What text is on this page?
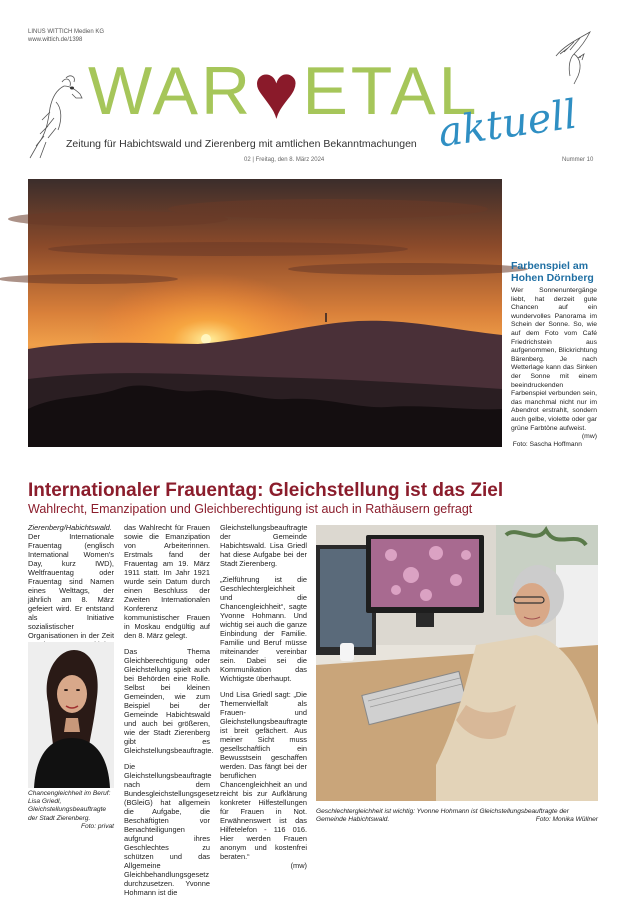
LINUS WITTICH Medien KG
www.wittich.de/1398
WAR♥ETAL
aktuell
Zeitung für Habichtswald und Zierenberg mit amtlichen Bekanntmachungen
02 | Freitag, den 8. März 2024	Nummer 10
Farbenspiel am
Hohen Dörnberg
Wer Sonnenuntergänge liebt, hat derzeit gute Chancen auf ein wundervolles Panorama im Schein der Sonne. So, wie auf dem Foto vom Café Friedrichstein aus aufgenommen, Blickrichtung Bärenberg. Je nach Wetterlage kann das Sinken der Sonne mit einem beeindruckenden Farbenspiel verbunden sein, das manchmal nicht nur im Abendrot erstrahlt, sondern auch gelbe, violette oder gar grüne Farbtöne aufweist.
(mw)
Foto: Sascha Hoffmann
Internationaler Frauentag: Gleichstellung ist das Ziel
Wahlrecht, Emanzipation und Gleichberechtigung ist auch in Rathäusern gefragt
Zierenberg/Habichtswald. Der Internationale Frauentag (englisch International Women's Day, kurz IWD), Weltfrauentag oder Frauentag sind Namen eines Welttags, der jährlich am 8. März gefeiert wird. Er entstand als Initiative sozialistischer Organisationen in der Zeit
Chancengleichheit im Beruf: Lisa Griedl, Gleichstellungsbeauftragte der Stadt Zierenberg.
Foto: privat

das Wahlrecht für Frauen sowie die Emanzipation von Arbeiterinnen. Erstmals fand der Frauentag am 19. März 1911 statt. Im Jahr 1921 wurde sein Datum durch einen Beschluss der Zweiten Internationalen Konferenz kommunistischer Frauen in Moskau endgültig auf den 8. März gelegt.

Das Thema Gleichberechtigung oder Gleichstellung spielt auch bei Behörden eine Rolle. Selbst bei kleinen Gemeinden, wie zum Beispiel bei der Gemeinde Habichtswald und auch bei größeren, wie der Stadt Zierenberg gibt es Gleichstellungsbeauftragte.

Die Gleichstellungsbeauftragte nach dem Bundesgleichstellungsgesetz (BGleiG) hat allgemein die Aufgabe, die Beschäftigten vor Benachteiligungen aufgrund ihres Geschlechtes zu schützen und das Allgemeine Gleichbehandlungsgesetz durchzusetzen. Yvonne Hohmann ist die

Gleichstellungsbeauftragte der Gemeinde Habichtswald. Lisa Griedl hat diese Aufgabe bei der Stadt Zierenberg.

„Zielführung ist die Geschlechtergleichheit und die Chancengleichheit“, sagte Yvonne Hohmann. Und wichtig sei auch die ganze Einbindung der Familie. Familie und Beruf müsse miteinander vereinbar sein. Dabei sei die Kommunikation das Wichtigste überhaupt.

Und Lisa Griedl sagt: „Die Themenvielfalt als Frauen- und Gleichstellungsbeauftragte ist breit gefächert. Aus meiner Sicht muss gesellschaftlich ein Bewusstsein geschaffen werden. Das fängt bei der beruflichen Chancengleichheit an und reicht bis zur Aufklärung konkreter Hilfestellungen für Frauen in Not. Erwähnenswert ist das Hilfetelefon - 116 016. Hier werden Frauen anonym und kostenfrei beraten.“

(mw)
Geschlechtergleichheit ist wichtig: Yvonne Hohmann ist Gleichstellungsbeauftragte der Gemeinde Habichtswald.	Foto: Monika Wüllner
